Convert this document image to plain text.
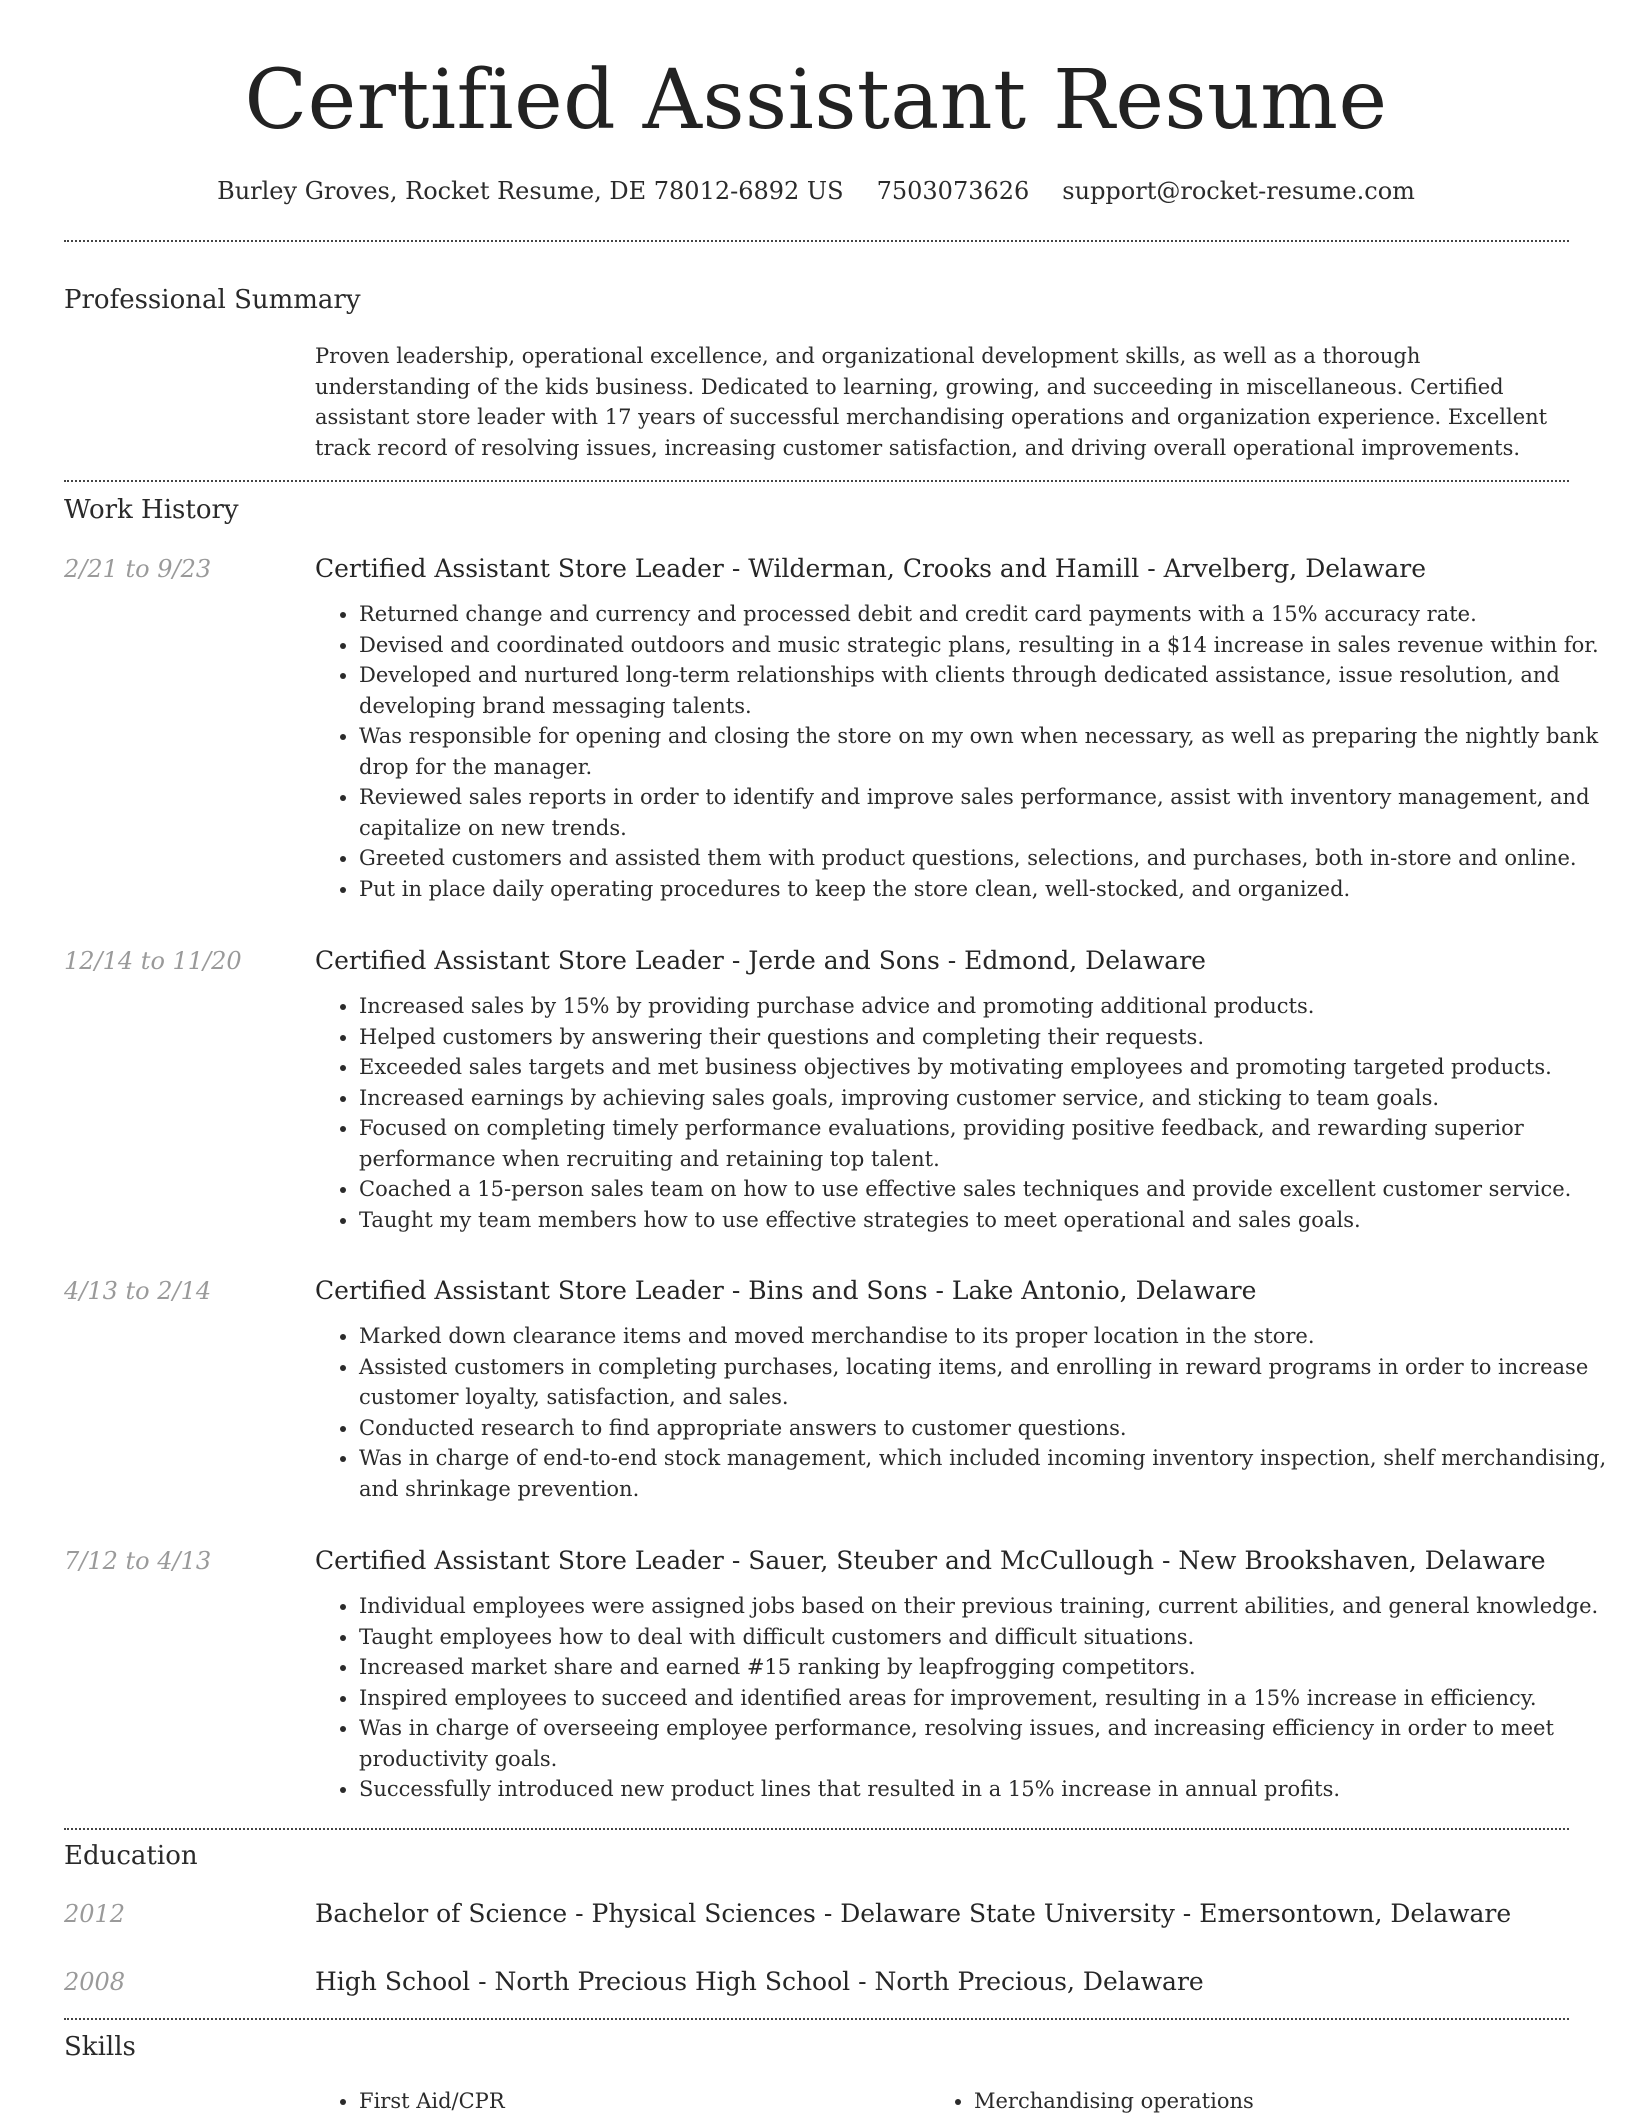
Certified Assistant Resume
Burley Groves, Rocket Resume, DE 78012-6892 US 7503073626 support@rocket-resume.com
Professional Summary
Proven leadership, operational excellence, and organizational development skills, as well as a thorough understanding of the kids business. Dedicated to learning, growing, and succeeding in miscellaneous. Certified assistant store leader with 17 years of successful merchandising operations and organization experience. Excellent track record of resolving issues, increasing customer satisfaction, and driving overall operational improvements.
Work History
2/21 to 9/23	Certified Assistant Store Leader - Wilderman, Crooks and Hamill - Arvelberg, Delaware
• Returned change and currency and processed debit and credit card payments with a 15% accuracy rate.
• Devised and coordinated outdoors and music strategic plans, resulting in a $14 increase in sales revenue within for.
• Developed and nurtured long-term relationships with clients through dedicated assistance, issue resolution, and developing brand messaging talents.
• Was responsible for opening and closing the store on my own when necessary, as well as preparing the nightly bank drop for the manager.
• Reviewed sales reports in order to identify and improve sales performance, assist with inventory management, and capitalize on new trends.
• Greeted customers and assisted them with product questions, selections, and purchases, both in-store and online.
• Put in place daily operating procedures to keep the store clean, well-stocked, and organized.
12/14 to 11/20	Certified Assistant Store Leader - Jerde and Sons - Edmond, Delaware
• Increased sales by 15% by providing purchase advice and promoting additional products.
• Helped customers by answering their questions and completing their requests.
• Exceeded sales targets and met business objectives by motivating employees and promoting targeted products.
• Increased earnings by achieving sales goals, improving customer service, and sticking to team goals.
• Focused on completing timely performance evaluations, providing positive feedback, and rewarding superior performance when recruiting and retaining top talent.
• Coached a 15-person sales team on how to use effective sales techniques and provide excellent customer service.
• Taught my team members how to use effective strategies to meet operational and sales goals.
4/13 to 2/14	Certified Assistant Store Leader - Bins and Sons - Lake Antonio, Delaware
• Marked down clearance items and moved merchandise to its proper location in the store.
• Assisted customers in completing purchases, locating items, and enrolling in reward programs in order to increase customer loyalty, satisfaction, and sales.
• Conducted research to find appropriate answers to customer questions.
• Was in charge of end-to-end stock management, which included incoming inventory inspection, shelf merchandising, and shrinkage prevention.
7/12 to 4/13	Certified Assistant Store Leader - Sauer, Steuber and McCullough - New Brookshaven, Delaware
• Individual employees were assigned jobs based on their previous training, current abilities, and general knowledge.
• Taught employees how to deal with difficult customers and difficult situations.
• Increased market share and earned #15 ranking by leapfrogging competitors.
• Inspired employees to succeed and identified areas for improvement, resulting in a 15% increase in efficiency.
• Was in charge of overseeing employee performance, resolving issues, and increasing efficiency in order to meet productivity goals.
• Successfully introduced new product lines that resulted in a 15% increase in annual profits.
Education
2012	Bachelor of Science - Physical Sciences - Delaware State University - Emersontown, Delaware
2008	High School - North Precious High School - North Precious, Delaware
Skills
• First Aid/CPR
•	Merchandising operations
